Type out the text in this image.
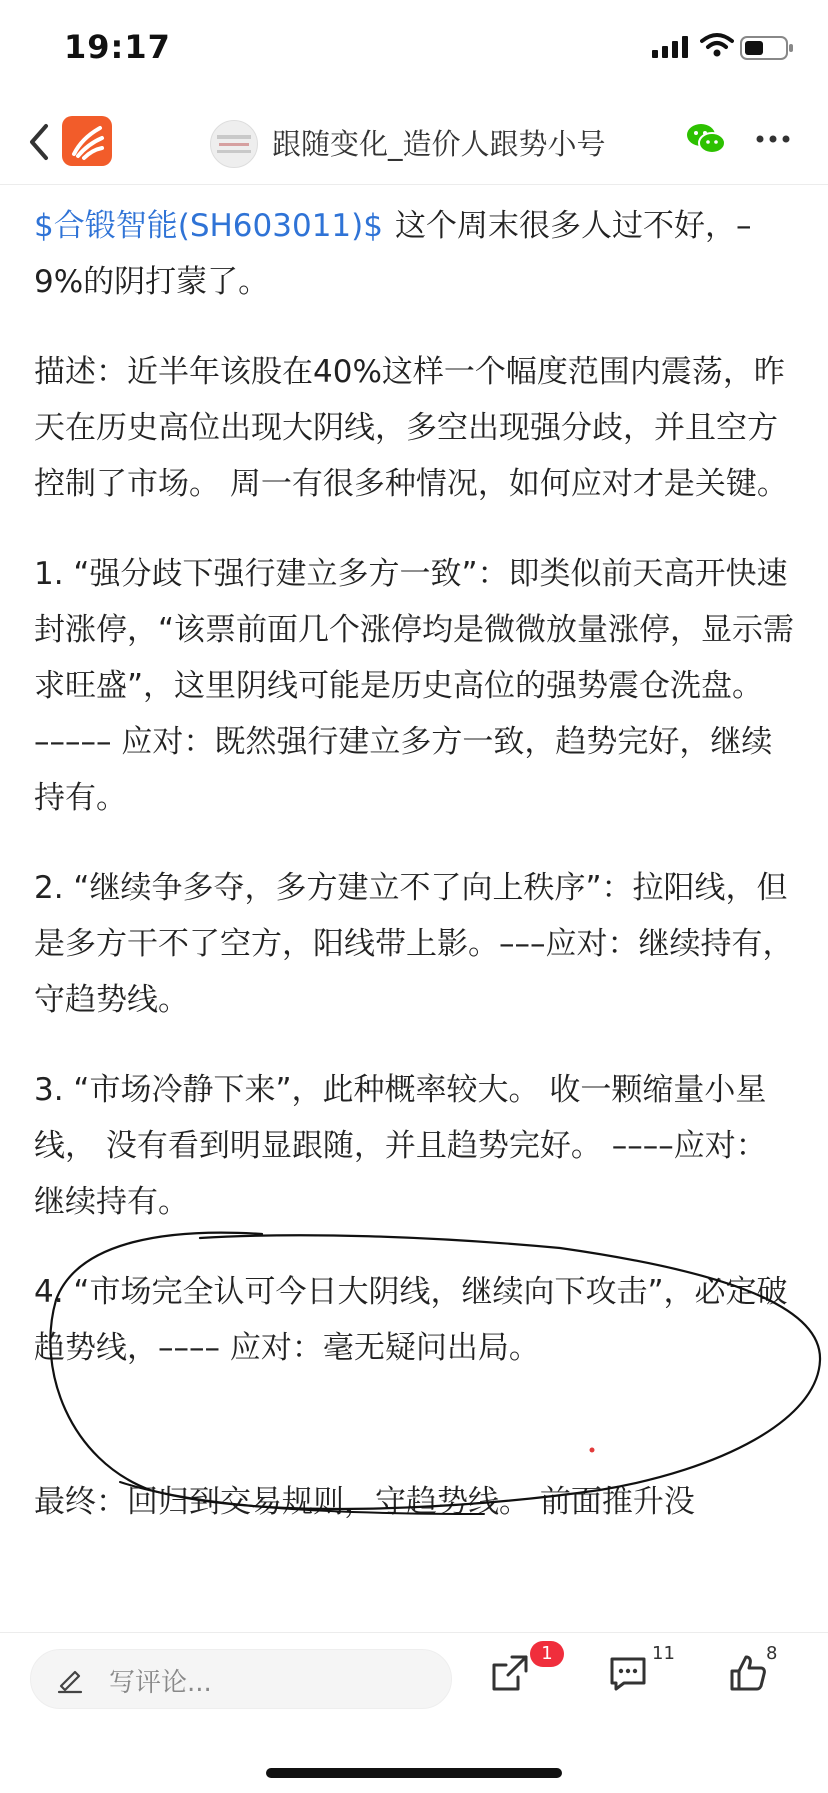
19:17
跟随变化_造价人跟势小号

$合锻智能(SH603011)$ 这个周末很多人过不好，–9%的阴打蒙了。

描述：近半年该股在40%这样一个幅度范围内震荡，昨天在历史高位出现大阴线，多空出现强分歧，并且空方控制了市场。 周一有很多种情况，如何应对才是关键。

1. “强分歧下强行建立多方一致”：即类似前天高开快速封涨停，“该票前面几个涨停均是微微放量涨停，显示需求旺盛”，这里阴线可能是历史高位的强势震仓洗盘。 ––––– 应对：既然强行建立多方一致，趋势完好，继续持有。

2. “继续争多夺，多方建立不了向上秩序”：拉阳线，但是多方干不了空方，阳线带上影。–––应对：继续持有，守趋势线。

3. “市场冷静下来”，此种概率较大。 收一颗缩量小星线， 没有看到明显跟随，并且趋势完好。 ––––应对：继续持有。

4. “市场完全认可今日大阴线，继续向下攻击”，必定破趋势线，–––– 应对：毫无疑问出局。

最终：回归到交易规则，守趋势线。 前面推升没

写评论...
1	11	8
